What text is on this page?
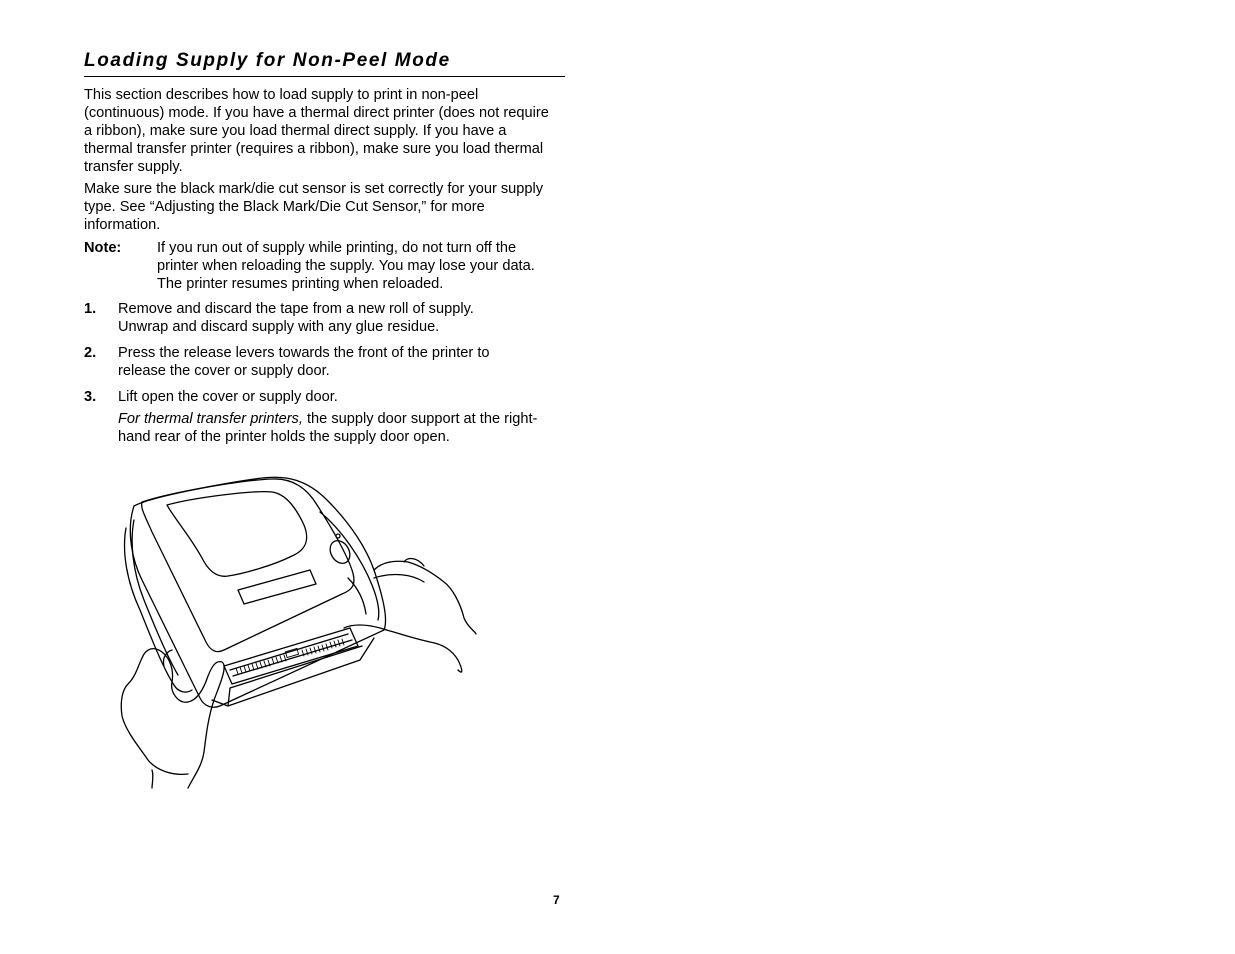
Loading Supply for Non-Peel Mode

This section describes how to load supply to print in non-peel (continuous) mode. If you have a thermal direct printer (does not require a ribbon), make sure you load thermal direct supply. If you have a thermal transfer printer (requires a ribbon), make sure you load thermal transfer supply.

Make sure the black mark/die cut sensor is set correctly for your supply type. See “Adjusting the Black Mark/Die Cut Sensor,” for more information.

Note: If you run out of supply while printing, do not turn off the printer when reloading the supply. You may lose your data. The printer resumes printing when reloaded.
1. Remove and discard the tape from a new roll of supply. Unwrap and discard supply with any glue residue.
2. Press the release levers towards the front of the printer to release the cover or supply door.
3. Lift open the cover or supply door.
For thermal transfer printers, the supply door support at the right-hand rear of the printer holds the supply door open.
7
